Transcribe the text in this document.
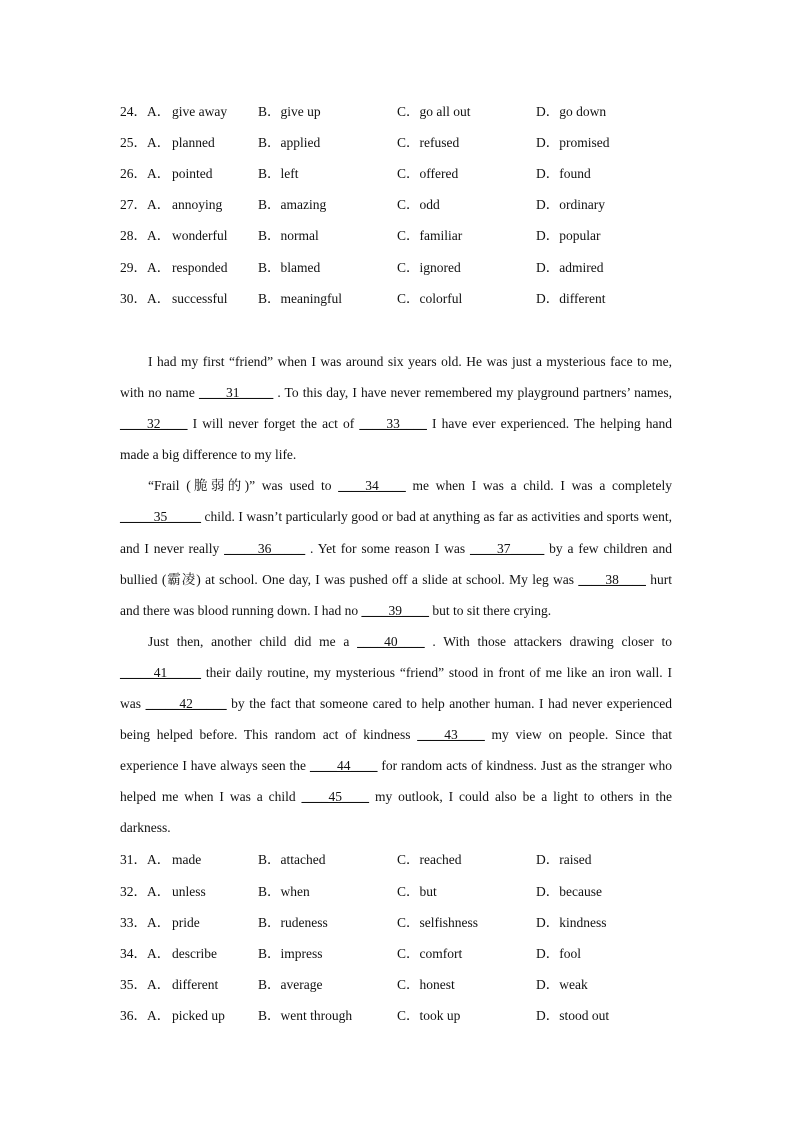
24．A． give away B．give up	C．go all out	D．go down
25．A． planned	B．applied	C．refused	D．promised
26．A． pointed	B．left	C．offered	D．found
27．A． annoying	B．amazing	C．odd	D．ordinary
28．A． wonderful B．normal	C．familiar	D．popular
29．A． responded B．blamed	C．ignored	D．admired
30．A． successful B．meaningful	C．colorful	D．different

I had my first “friend” when I was around six years old. He was just a mysterious face to me, with no name ____31_____ . To this day, I have never remembered my playground partners’ names, ____32____ I will never forget the act of ____33____ I have ever experienced. The helping hand made a big difference to my life.

“Frail (脆弱的)” was used to ____34____ me when I was a child. I was a completely _____35_____ child. I wasn’t particularly good or bad at anything as far as activities and sports went, and I never really _____36_____ . Yet for some reason I was ____37_____ by a few children and bullied (霸凌) at school. One day, I was pushed off a slide at school. My leg was ____38____ hurt and there was blood running down. I had no ____39____ but to sit there crying.

Just then, another child did me a ____40____ . With those attackers drawing closer to _____41_____ their daily routine, my mysterious “friend” stood in front of me like an iron wall. I was _____42_____ by the fact that someone cared to help another human. I had never experienced being helped before. This random act of kindness ____43____ my view on people. Since that experience I have always seen the ____44____ for random acts of kindness. Just as the stranger who helped me when I was a child ____45____ my outlook, I could also be a light to others in the darkness.

31．A． made	B．attached	C．reached	D．raised
32．A． unless	B．when	C．but	D．because
33．A． pride	B．rudeness	C．selfishness	D．kindness
34．A． describe	B．impress	C．comfort	D．fool
35．A． different	B．average	C．honest	D．weak
36．A． picked up B．went through	C．took up	D．stood out
